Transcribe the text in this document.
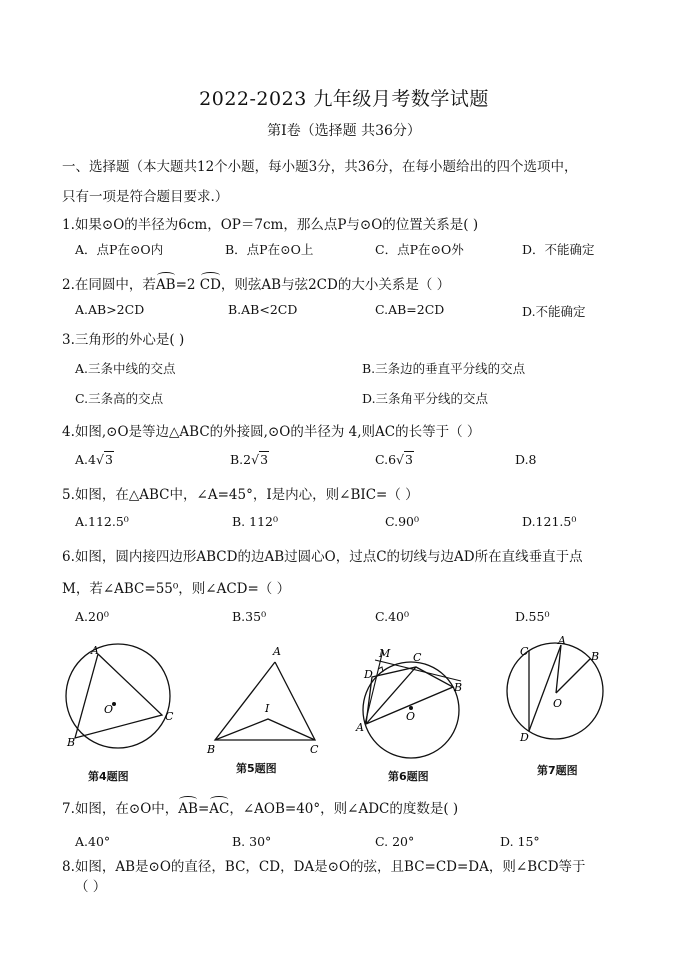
2022-2023 九年级月考数学试题
第Ⅰ卷（选择题 共36分）
一、选择题（本大题共12个小题，每小题3分，共36分，在每小题给出的四个选项中，
只有一项是符合题目要求.）
1.如果⊙O的半径为6cm，OP＝7cm，那么点P与⊙O的位置关系是( )
A．点P在⊙O内	B．点P在⊙O上	C．点P在⊙O外	D．不能确定
2.在同圆中，若AB=2 CD，则弦AB与弦2CD的大小关系是（ ）
A.AB>2CD	B.AB<2CD	C.AB=2CD	D.不能确定
3.三角形的外心是( )
A.三条中线的交点	B.三条边的垂直平分线的交点
C.三条高的交点	D.三条角平分线的交点
4.如图,⊙O是等边△ABC的外接圆,⊙O的半径为 4,则AC的长等于（ ）
A.4√3	B.2√3	C.6√3	D.8
5.如图，在△ABC中，∠A=45°，I是内心，则∠BIC=（ ）
A.112.5⁰	B. 112⁰	C.90⁰	D.121.5⁰
6.如图，圆内接四边形ABCD的边AB过圆心O，过点C的切线与边AD所在直线垂直于点
M，若∠ABC=55⁰，则∠ACD=（ ）
A.20⁰	B.35⁰	C.40⁰	D.55⁰
A
B
C
O
A
B	C
I
M C
D
B
A
O
C
A
B
O
D
第4题图
第5题图
第6题图	第7题图
7.如图，在⊙O中，AB=AC，∠AOB=40°，则∠ADC的度数是( )
A.40°	B. 30°	C. 20°	D. 15°
8.如图，AB是⊙O的直径，BC，CD，DA是⊙O的弦，且BC=CD=DA，则∠BCD等于
（ ）
